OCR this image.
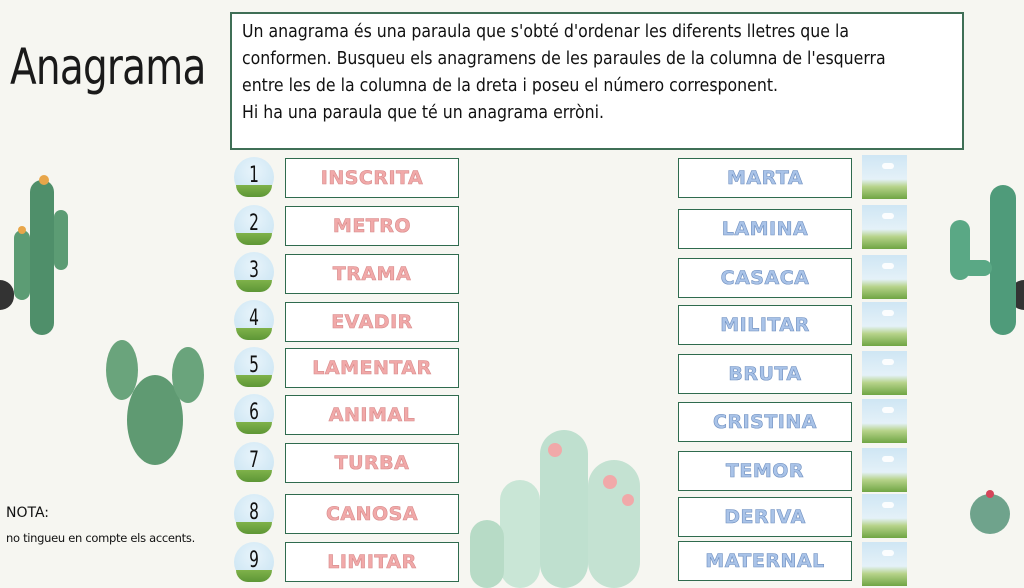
Anagrama

Un anagrama és una paraula que s'obté d'ordenar les diferents lletres que la

conformen. Busqueu els anagramens de les paraules de la columna de l'esquerra

entre les de la columna de la dreta i poseu el número corresponent.

Hi ha una paraula que té un anagrama erròni.

NOTA:
no tingueu en compte els accents.
1
2
3
4
5
6
7
8
9
INSCRITA
METRO
TRAMA
EVADIR
LAMENTAR
ANIMAL
TURBA
CANOSA
LIMITAR
MARTA
LAMINA
CASACA
MILITAR
BRUTA
CRISTINA
TEMOR
DERIVA
MATERNAL
